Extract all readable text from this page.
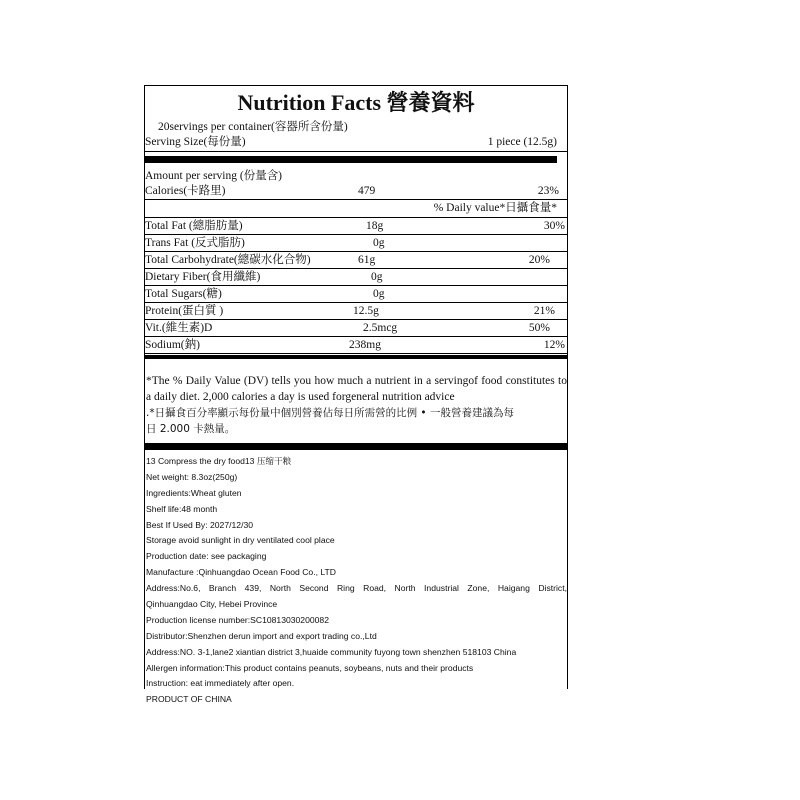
Nutrition Facts 營養資料
20servings per container(容器所含份量)
Serving Size(每份量)	1 piece (12.5g)
Amount per serving (份量含)
Calories(卡路里)	479	23%
% Daily value*日攝食量*
Total Fat (總脂肪量)	18g	30%
Trans Fat (反式脂肪)	0g
Total Carbohydrate(總碳水化合物)	61g	20%
Dietary Fiber(食用纖維)	0g
Total Sugars(糖)	0g
Protein(蛋白質 )	12.5g	21%
Vit.(維生素)D	2.5mcg	50%
Sodium(鈉)	238mg	12%
*The % Daily Value (DV) tells you how much a nutrient in a servingof food constitutes to a daily diet. 2,000 calories a day is used forgeneral nutrition advice
.*日攝食百分率顯示每份量中個別營養佔每日所需營的比例 • 一般營養建議為每
日 2.000 卡熱量。
13 Compress the dry food13 压缩干粮
Net weight: 8.3oz(250g)
Ingredients:Wheat gluten
Shelf life:48 month
Best If Used By: 2027/12/30
Storage avoid sunlight in dry ventilated cool place
Production date: see packaging
Manufacture :Qinhuangdao Ocean Food Co., LTD
Address:No.6, Branch 439, North Second Ring Road, North Industrial Zone, Haigang District,
Qinhuangdao City, Hebei Province
Production license number:SC10813030200082
Distributor:Shenzhen derun import and export trading co.,Ltd
Address:NO. 3-1,lane2 xiantian district 3,huaide community fuyong town shenzhen 518103 China
Allergen information:This product contains peanuts, soybeans, nuts and their products
Instruction: eat immediately after open.
PRODUCT OF CHINA
